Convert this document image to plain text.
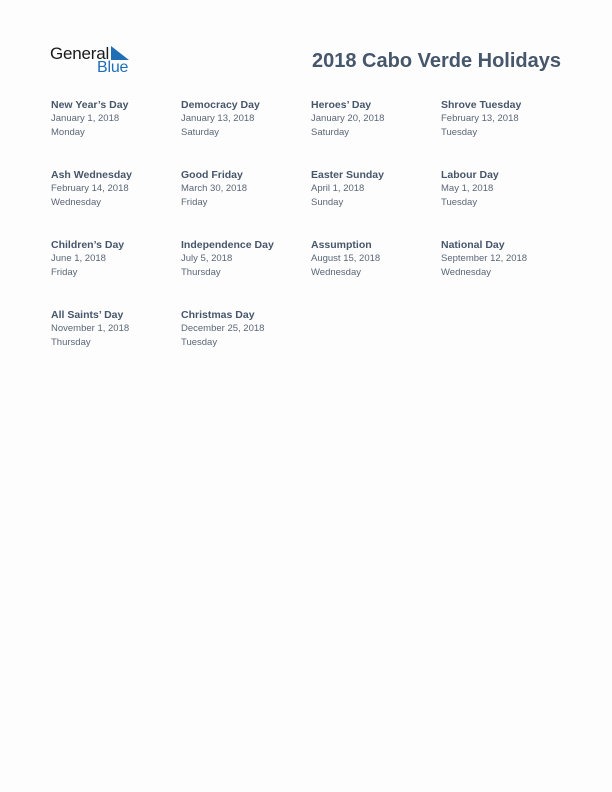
General
Blue	2018 Cabo Verde Holidays
New Year’s Day
January 1, 2018
Monday
Democracy Day
January 13, 2018
Saturday
Heroes’ Day
January 20, 2018
Saturday
Shrove Tuesday
February 13, 2018
Tuesday
Ash Wednesday
February 14, 2018
Wednesday
Good Friday
March 30, 2018
Friday
Easter Sunday
April 1, 2018
Sunday
Labour Day
May 1, 2018
Tuesday
Children’s Day
June 1, 2018
Friday
Independence Day
July 5, 2018
Thursday
Assumption
August 15, 2018
Wednesday
National Day
September 12, 2018
Wednesday
All Saints’ Day
November 1, 2018
Thursday
Christmas Day
December 25, 2018
Tuesday
